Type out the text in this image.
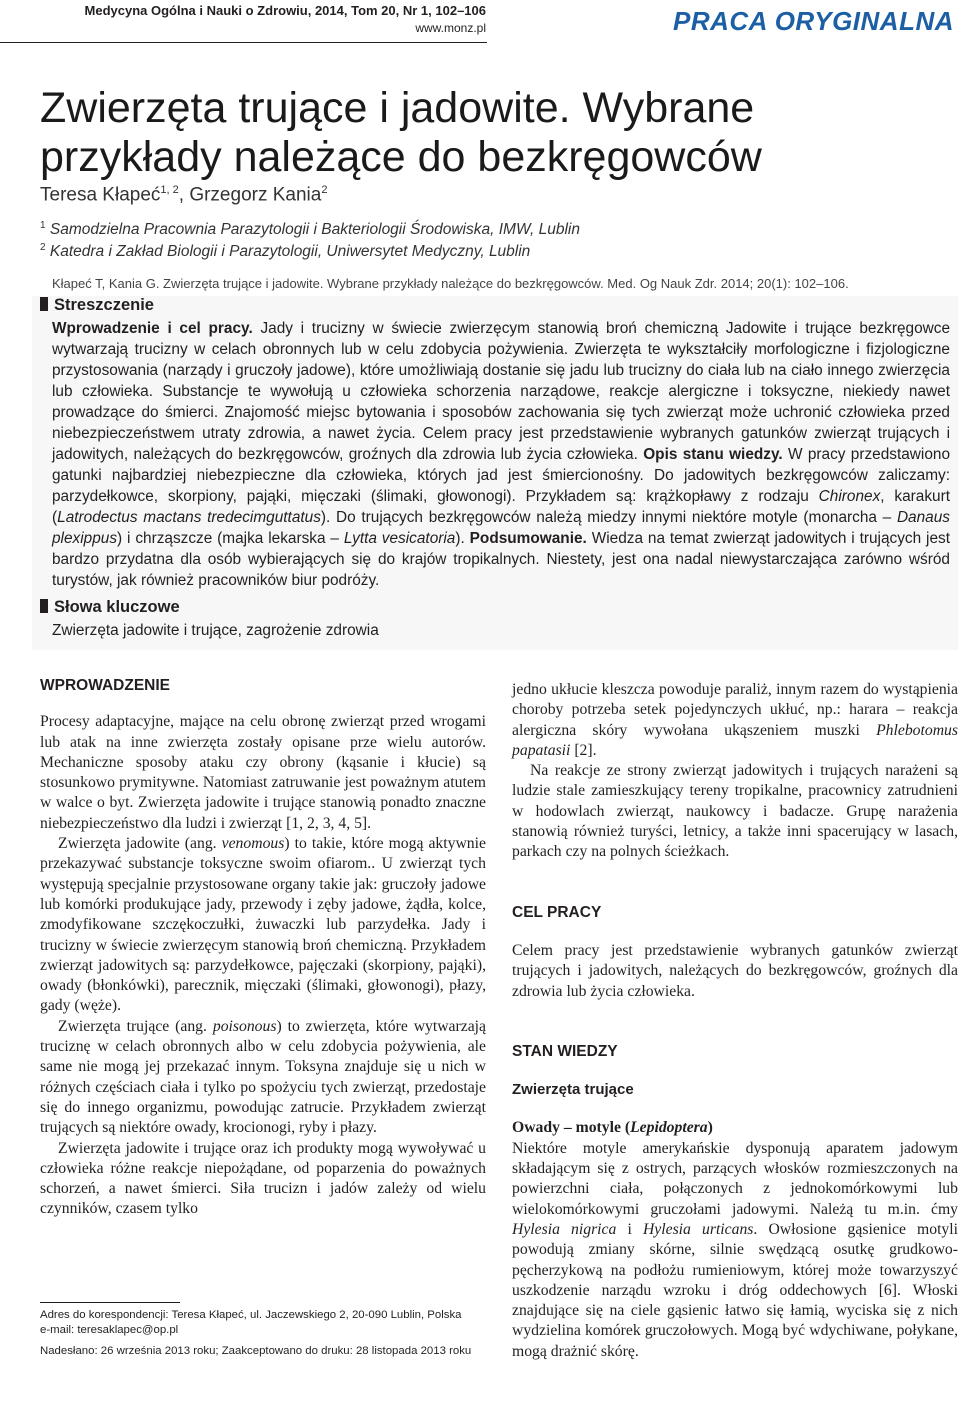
Medycyna Ogólna i Nauki o Zdrowiu, 2014, Tom 20, Nr 1, 102–106
www.monz.pl	PRACA ORYGINALNA
Zwierzęta trujące i jadowite. Wybrane
przykłady należące do bezkręgowców
Teresa Kłapeć$^{1, 2}$, Grzegorz Kania$^2$
$^1$ Samodzielna Pracownia Parazytologii i Bakteriologii Środowiska, IMW, Lublin
$^2$ Katedra i Zakład Biologii i Parazytologii, Uniwersytet Medyczny, Lublin
Kłapeć T, Kania G. Zwierzęta trujące i jadowite. Wybrane przykłady należące do bezkręgowców. Med. Og Nauk Zdr. 2014; 20(1): 102–106.
Streszczenie
Wprowadzenie i cel pracy. Jady i trucizny w świecie zwierzęcym stanowią broń chemiczną Jadowite i trujące bezkręgowce wytwarzają trucizny w celach obronnych lub w celu zdobycia pożywienia. Zwierzęta te wykształciły morfologiczne i fizjologiczne przystosowania (narządy i gruczoły jadowe), które umożliwiają dostanie się jadu lub trucizny do ciała lub na ciało innego zwierzęcia lub człowieka. Substancje te wywołują u człowieka schorzenia narządowe, reakcje alergiczne i toksyczne, niekiedy nawet prowadzące do śmierci. Znajomość miejsc bytowania i sposobów zachowania się tych zwierząt może uchronić człowieka przed niebezpieczeństwem utraty zdrowia, a nawet życia. Celem pracy jest przedstawienie wybranych gatunków zwierząt trujących i jadowitych, należących do bezkręgowców, groźnych dla zdrowia lub życia człowieka. Opis stanu wiedzy. W pracy przedstawiono gatunki najbardziej niebezpieczne dla człowieka, których jad jest śmiercionośny. Do jadowitych bezkręgowców zaliczamy: parzydełkowce, skorpiony, pająki, mięczaki (ślimaki, głowonogi). Przykładem są: krążkopławy z rodzaju Chironex, karakurt (Latrodectus mactans tredecimguttatus). Do trujących bezkręgowców należą miedzy innymi niektóre motyle (monarcha – Danaus plexippus) i chrząszcze (majka lekarska – Lytta vesicatoria). Podsumowanie. Wiedza na temat zwierząt jadowitych i trujących jest bardzo przydatna dla osób wybierających się do krajów tropikalnych. Niestety, jest ona nadal niewystarczająca zarówno wśród turystów, jak również pracowników biur podróży.
Słowa kluczowe
Zwierzęta jadowite i trujące, zagrożenie zdrowia
WPROWADZENIE

Procesy adaptacyjne, mające na celu obronę zwierząt przed wrogami lub atak na inne zwierzęta zostały opisane prze wielu autorów. Mechaniczne sposoby ataku czy obrony (kąsanie i kłucie) są stosunkowo prymitywne. Natomiast zatruwanie jest poważnym atutem w walce o byt. Zwierzęta jadowite i trujące stanowią ponadto znaczne niebezpieczeństwo dla ludzi i zwierząt [1, 2, 3, 4, 5].

Zwierzęta jadowite (ang. venomous) to takie, które mogą aktywnie przekazywać substancje toksyczne swoim ofiarom.. U zwierząt tych występują specjalnie przystosowane organy takie jak: gruczoły jadowe lub komórki produkujące jady, przewody i zęby jadowe, żądła, kolce, zmodyfikowane szczękoczułki, żuwaczki lub parzydełka. Jady i trucizny w świecie zwierzęcym stanowią broń chemiczną. Przykładem zwierząt jadowitych są: parzydełkowce, pajęczaki (skorpiony, pająki), owady (błonkówki), parecznik, mięczaki (ślimaki, głowonogi), płazy, gady (węże).

Zwierzęta trujące (ang. poisonous) to zwierzęta, które wytwarzają truciznę w celach obronnych albo w celu zdobycia pożywienia, ale same nie mogą jej przekazać innym. Toksyna znajduje się u nich w różnych częściach ciała i tylko po spożyciu tych zwierząt, przedostaje się do innego organizmu, powodując zatrucie. Przykładem zwierząt trujących są niektóre owady, krocionogi, ryby i płazy.

Zwierzęta jadowite i trujące oraz ich produkty mogą wywoływać u człowieka różne reakcje niepożądane, od poparzenia do poważnych schorzeń, a nawet śmierci. Siła trucizn i jadów zależy od wielu czynników, czasem tylko

Adres do korespondencji: Teresa Kłapeć, ul. Jaczewskiego 2, 20-090 Lublin, Polska
e-mail: teresaklapec@op.pl
Nadesłano: 26 września 2013 roku; Zaakceptowano do druku: 28 listopada 2013 roku

jedno ukłucie kleszcza powoduje paraliż, innym razem do wystąpienia choroby potrzeba setek pojedynczych ukłuć, np.: harara – reakcja alergiczna skóry wywołana ukąszeniem muszki Phlebotomus papatasii [2].

Na reakcje ze strony zwierząt jadowitych i trujących narażeni są ludzie stale zamieszkujący tereny tropikalne, pracownicy zatrudnieni w hodowlach zwierząt, naukowcy i badacze. Grupę narażenia stanowią również turyści, letnicy, a także inni spacerujący w lasach, parkach czy na polnych ścieżkach.

CEL PRACY

Celem pracy jest przedstawienie wybranych gatunków zwierząt trujących i jadowitych, należących do bezkręgowców, groźnych dla zdrowia lub życia człowieka.

STAN WIEDZY
Zwierzęta trujące
Owady – motyle (Lepidoptera)

Niektóre motyle amerykańskie dysponują aparatem jadowym składającym się z ostrych, parzących włosków rozmieszczonych na powierzchni ciała, połączonych z jednokomórkowymi lub wielokomórkowymi gruczołami jadowymi. Należą tu m.in. ćmy Hylesia nigrica i Hylesia urticans. Owłosione gąsienice motyli powodują zmiany skórne, silnie swędzącą osutkę grudkowo-pęcherzykową na podłożu rumieniowym, której może towarzyszyć uszkodzenie narządu wzroku i dróg oddechowych [6]. Włoski znajdujące się na ciele gąsienic łatwo się łamią, wyciska się z nich wydzielina komórek gruczołowych. Mogą być wdychiwane, połykane, mogą drażnić skórę.
